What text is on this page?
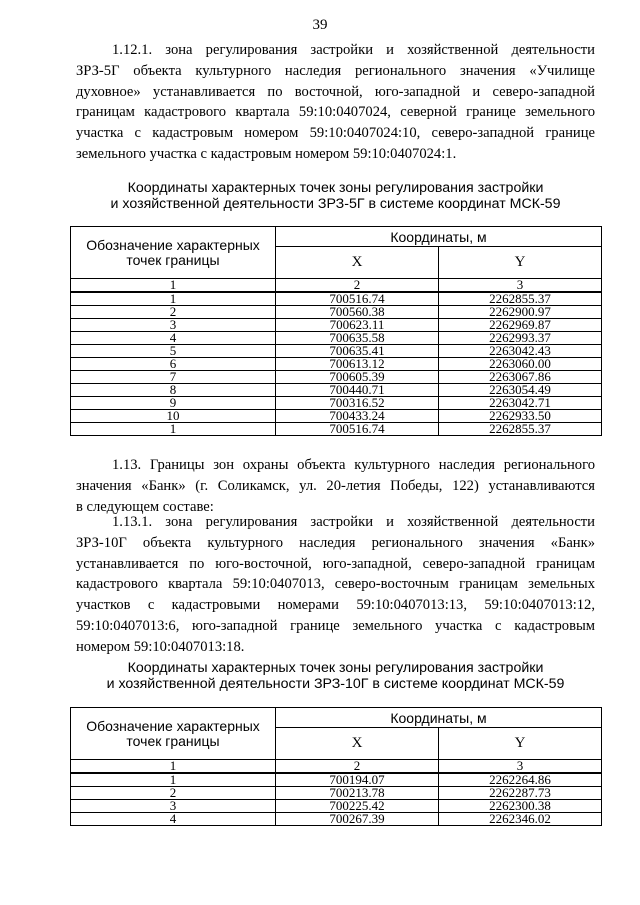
39
1.12.1. зона регулирования застройки и хозяйственной деятельности
ЗРЗ-5Г объекта культурного наследия регионального значения «Училище
духовное» устанавливается по восточной, юго-западной и северо-западной
границам кадастрового квартала 59:10:0407024, северной границе земельного
участка с кадастровым номером 59:10:0407024:10, северо-западной границе
земельного участка с кадастровым номером 59:10:0407024:1.
Координаты характерных точек зоны регулирования застройки
и хозяйственной деятельности ЗРЗ-5Г в системе координат МСК-59
Обозначение характерных точек границы	Координаты, м	
	X	Y
1	2	3
1	700516.74	2262855.37
2	700560.38	2262900.97
3	700623.11	2262969.87
4	700635.58	2262993.37
5	700635.41	2263042.43
6	700613.12	2263060.00
7	700605.39	2263067.86
8	700440.71	2263054.49
9	700316.52	2263042.71
10	700433.24	2262933.50
1	700516.74	2262855.37
1.13. Границы зон охраны объекта культурного наследия регионального
значения «Банк» (г. Соликамск, ул. 20-летия Победы, 122) устанавливаются
в следующем составе:
1.13.1. зона регулирования застройки и хозяйственной деятельности
ЗРЗ-10Г объекта культурного наследия регионального значения «Банк»
устанавливается по юго-восточной, юго-западной, северо-западной границам
кадастрового квартала 59:10:0407013, северо-восточным границам земельных
участков с кадастровыми номерами 59:10:0407013:13, 59:10:0407013:12,
59:10:0407013:6, юго-западной границе земельного участка с кадастровым
номером 59:10:0407013:18.
Координаты характерных точек зоны регулирования застройки
и хозяйственной деятельности ЗРЗ-10Г в системе координат МСК-59
Обозначение характерных точек границы	Координаты, м	
	X	Y
1	2	3
1	700194.07	2262264.86
2	700213.78	2262287.73
3	700225.42	2262300.38
4	700267.39	2262346.02
